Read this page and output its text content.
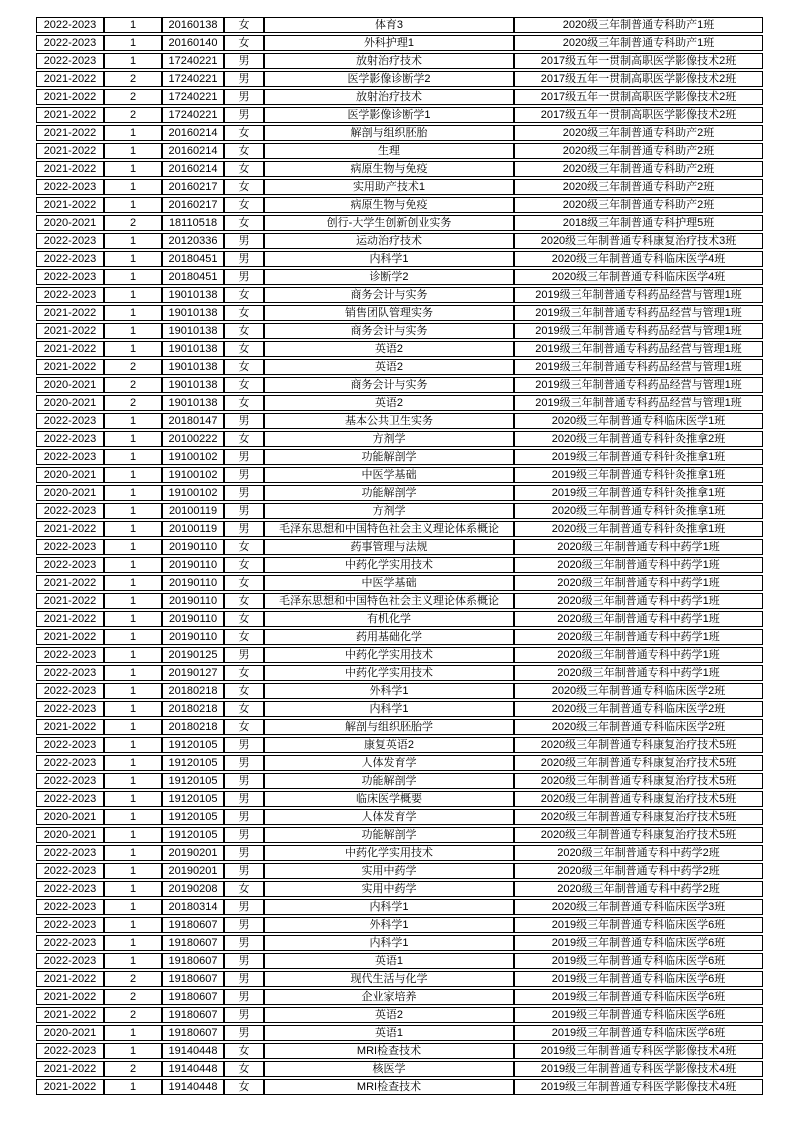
2022-2023	1	20160138	女	体育3	2020级三年制普通专科助产1班
2022-2023	1	20160140	女	外科护理1	2020级三年制普通专科助产1班
2022-2023	1	17240221	男	放射治疗技术	2017级五年一贯制高职医学影像技术2班
2021-2022	2	17240221	男	医学影像诊断学2	2017级五年一贯制高职医学影像技术2班
2021-2022	2	17240221	男	放射治疗技术	2017级五年一贯制高职医学影像技术2班
2021-2022	2	17240221	男	医学影像诊断学1	2017级五年一贯制高职医学影像技术2班
2021-2022	1	20160214	女	解剖与组织胚胎	2020级三年制普通专科助产2班
2021-2022	1	20160214	女	生理	2020级三年制普通专科助产2班
2021-2022	1	20160214	女	病原生物与免疫	2020级三年制普通专科助产2班
2022-2023	1	20160217	女	实用助产技术1	2020级三年制普通专科助产2班
2021-2022	1	20160217	女	病原生物与免疫	2020级三年制普通专科助产2班
2020-2021	2	18110518	女	创行-大学生创新创业实务	2018级三年制普通专科护理5班
2022-2023	1	20120336	男	运动治疗技术	2020级三年制普通专科康复治疗技术3班
2022-2023	1	20180451	男	内科学1	2020级三年制普通专科临床医学4班
2022-2023	1	20180451	男	诊断学2	2020级三年制普通专科临床医学4班
2022-2023	1	19010138	女	商务会计与实务	2019级三年制普通专科药品经营与管理1班
2021-2022	1	19010138	女	销售团队管理实务	2019级三年制普通专科药品经营与管理1班
2021-2022	1	19010138	女	商务会计与实务	2019级三年制普通专科药品经营与管理1班
2021-2022	1	19010138	女	英语2	2019级三年制普通专科药品经营与管理1班
2021-2022	2	19010138	女	英语2	2019级三年制普通专科药品经营与管理1班
2020-2021	2	19010138	女	商务会计与实务	2019级三年制普通专科药品经营与管理1班
2020-2021	2	19010138	女	英语2	2019级三年制普通专科药品经营与管理1班
2022-2023	1	20180147	男	基本公共卫生实务	2020级三年制普通专科临床医学1班
2022-2023	1	20100222	女	方剂学	2020级三年制普通专科针灸推拿2班
2022-2023	1	19100102	男	功能解剖学	2019级三年制普通专科针灸推拿1班
2020-2021	1	19100102	男	中医学基础	2019级三年制普通专科针灸推拿1班
2020-2021	1	19100102	男	功能解剖学	2019级三年制普通专科针灸推拿1班
2022-2023	1	20100119	男	方剂学	2020级三年制普通专科针灸推拿1班
2021-2022	1	20100119	男	毛泽东思想和中国特色社会主义理论体系概论	2020级三年制普通专科针灸推拿1班
2022-2023	1	20190110	女	药事管理与法规	2020级三年制普通专科中药学1班
2022-2023	1	20190110	女	中药化学实用技术	2020级三年制普通专科中药学1班
2021-2022	1	20190110	女	中医学基础	2020级三年制普通专科中药学1班
2021-2022	1	20190110	女	毛泽东思想和中国特色社会主义理论体系概论	2020级三年制普通专科中药学1班
2021-2022	1	20190110	女	有机化学	2020级三年制普通专科中药学1班
2021-2022	1	20190110	女	药用基础化学	2020级三年制普通专科中药学1班
2022-2023	1	20190125	男	中药化学实用技术	2020级三年制普通专科中药学1班
2022-2023	1	20190127	女	中药化学实用技术	2020级三年制普通专科中药学1班
2022-2023	1	20180218	女	外科学1	2020级三年制普通专科临床医学2班
2022-2023	1	20180218	女	内科学1	2020级三年制普通专科临床医学2班
2021-2022	1	20180218	女	解剖与组织胚胎学	2020级三年制普通专科临床医学2班
2022-2023	1	19120105	男	康复英语2	2020级三年制普通专科康复治疗技术5班
2022-2023	1	19120105	男	人体发育学	2020级三年制普通专科康复治疗技术5班
2022-2023	1	19120105	男	功能解剖学	2020级三年制普通专科康复治疗技术5班
2022-2023	1	19120105	男	临床医学概要	2020级三年制普通专科康复治疗技术5班
2020-2021	1	19120105	男	人体发育学	2020级三年制普通专科康复治疗技术5班
2020-2021	1	19120105	男	功能解剖学	2020级三年制普通专科康复治疗技术5班
2022-2023	1	20190201	男	中药化学实用技术	2020级三年制普通专科中药学2班
2022-2023	1	20190201	男	实用中药学	2020级三年制普通专科中药学2班
2022-2023	1	20190208	女	实用中药学	2020级三年制普通专科中药学2班
2022-2023	1	20180314	男	内科学1	2020级三年制普通专科临床医学3班
2022-2023	1	19180607	男	外科学1	2019级三年制普通专科临床医学6班
2022-2023	1	19180607	男	内科学1	2019级三年制普通专科临床医学6班
2022-2023	1	19180607	男	英语1	2019级三年制普通专科临床医学6班
2021-2022	2	19180607	男	现代生活与化学	2019级三年制普通专科临床医学6班
2021-2022	2	19180607	男	企业家培养	2019级三年制普通专科临床医学6班
2021-2022	2	19180607	男	英语2	2019级三年制普通专科临床医学6班
2020-2021	1	19180607	男	英语1	2019级三年制普通专科临床医学6班
2022-2023	1	19140448	女	MRI检查技术	2019级三年制普通专科医学影像技术4班
2021-2022	2	19140448	女	核医学	2019级三年制普通专科医学影像技术4班
2021-2022	1	19140448	女	MRI检查技术	2019级三年制普通专科医学影像技术4班
